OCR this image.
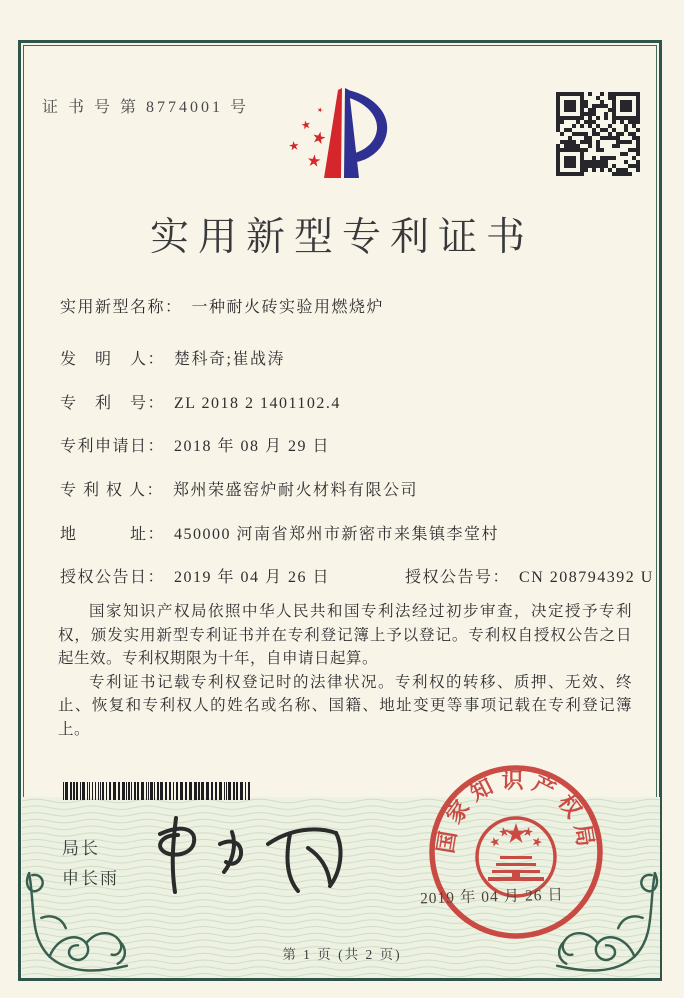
证 书 号 第 8774001 号
实用新型专利证书
实用新型名称： 一种耐火砖实验用燃烧炉
发　明　人： 楚科奇;崔战涛
专　利　号： ZL 2018 2 1401102.4
专利申请日： 2018 年 08 月 29 日
专 利 权 人： 郑州荣盛窑炉耐火材料有限公司
地　　　址： 450000 河南省郑州市新密市来集镇李堂村
授权公告日： 2019 年 04 月 26 日	授权公告号： CN 208794392 U

国家知识产权局依照中华人民共和国专利法经过初步审查，决定授予专利权，颁发实用新型专利证书并在专利登记簿上予以登记。专利权自授权公告之日起生效。专利权期限为十年，自申请日起算。

专利证书记载专利权登记时的法律状况。专利权的转移、质押、无效、终止、恢复和专利权人的姓名或名称、国籍、地址变更等事项记载在专利登记簿上。

局长
申长雨
国家知识产权局
2019 年 04 月 26 日
第 1 页 (共 2 页)
